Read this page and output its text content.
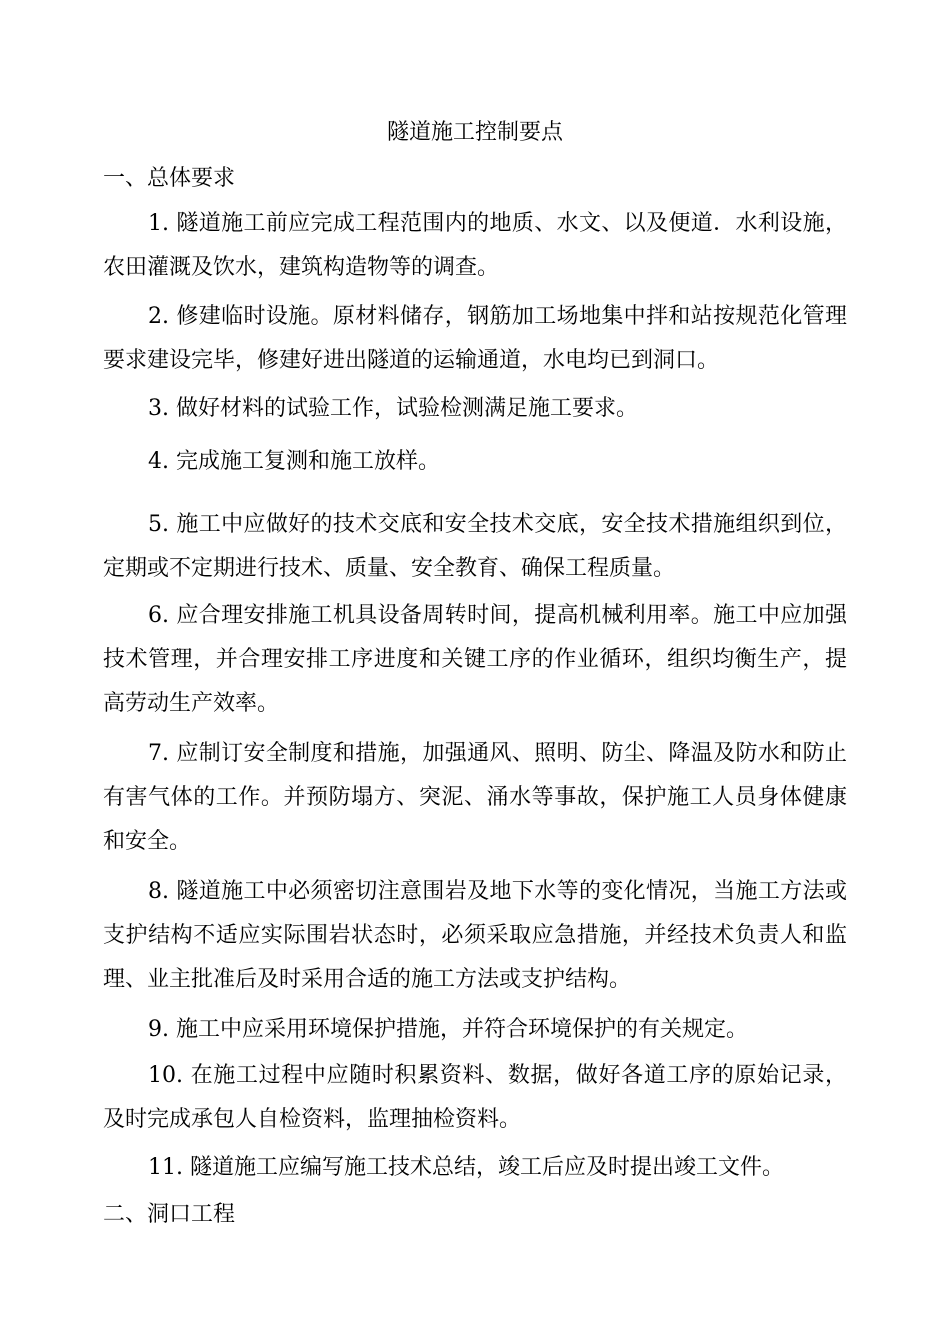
隧道施工控制要点
一、总体要求
1. 隧道施工前应完成工程范围内的地质、水文、以及便道．水利设施，农田灌溉及饮水，建筑构造物等的调查。
2. 修建临时设施。原材料储存，钢筋加工场地集中拌和站按规范化管理要求建设完毕，修建好进出隧道的运输通道，水电均已到洞口。
3. 做好材料的试验工作，试验检测满足施工要求。
4. 完成施工复测和施工放样。
5. 施工中应做好的技术交底和安全技术交底，安全技术措施组织到位，定期或不定期进行技术、质量、安全教育、确保工程质量。
6. 应合理安排施工机具设备周转时间，提高机械利用率。施工中应加强技术管理，并合理安排工序进度和关键工序的作业循环，组织均衡生产，提高劳动生产效率。
7. 应制订安全制度和措施，加强通风、照明、防尘、降温及防水和防止有害气体的工作。并预防塌方、突泥、涌水等事故，保护施工人员身体健康和安全。
8. 隧道施工中必须密切注意围岩及地下水等的变化情况，当施工方法或支护结构不适应实际围岩状态时，必须采取应急措施，并经技术负责人和监理、业主批准后及时采用合适的施工方法或支护结构。
9. 施工中应采用环境保护措施，并符合环境保护的有关规定。
10. 在施工过程中应随时积累资料、数据，做好各道工序的原始记录，及时完成承包人自检资料，监理抽检资料。
11. 隧道施工应编写施工技术总结，竣工后应及时提出竣工文件。
二、洞口工程
